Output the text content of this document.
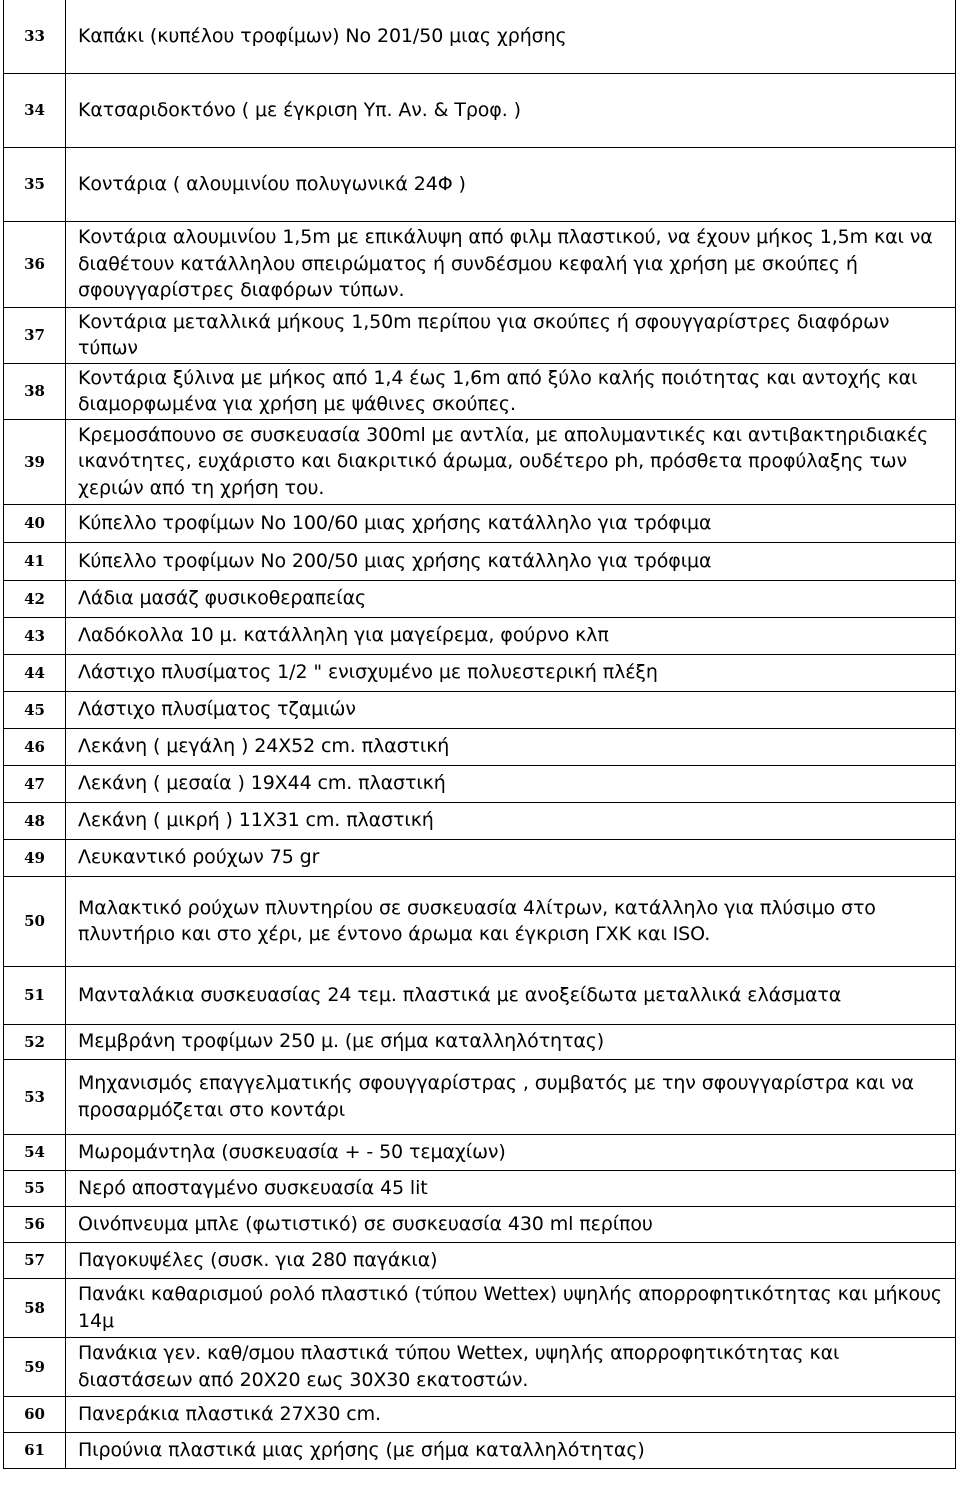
33	Καπάκι (κυπέλου τροφίμων) Νο 201/50 μιας χρήσης
34	Κατσαριδοκτόνο ( με έγκριση Υπ. Αν. & Τροφ. )
35	Κοντάρια ( αλουμινίου πολυγωνικά 24Φ )
36	Κοντάρια αλουμινίου 1,5m με επικάλυψη από φιλμ πλαστικού, να έχουν μήκος 1,5m και να διαθέτουν κατάλληλου σπειρώματος ή συνδέσμου κεφαλή για χρήση με σκούπες ή σφουγγαρίστρες διαφόρων τύπων.
37	Κοντάρια μεταλλικά μήκους 1,50m περίπου για σκούπες ή σφουγγαρίστρες διαφόρων τύπων
38	Κοντάρια ξύλινα με μήκος από 1,4 έως 1,6m από ξύλο καλής ποιότητας και αντοχής και διαμορφωμένα για χρήση με ψάθινες σκούπες.
39	Κρεμοσάπουνο σε συσκευασία 300ml με αντλία, με απολυμαντικές και αντιβακτηριδιακές ικανότητες, ευχάριστο και διακριτικό άρωμα, ουδέτερο ph, πρόσθετα προφύλαξης των χεριών από τη χρήση του.
40	Κύπελλο τροφίμων Νο 100/60 μιας χρήσης κατάλληλο για τρόφιμα
41	Κύπελλο τροφίμων Νο 200/50 μιας χρήσης κατάλληλο για τρόφιμα
42	Λάδια μασάζ φυσικοθεραπείας
43	Λαδόκολλα 10 μ. κατάλληλη για μαγείρεμα, φούρνο κλπ
44	Λάστιχο πλυσίματος 1/2 " ενισχυμένο με πολυεστερική πλέξη
45	Λάστιχο πλυσίματος τζαμιών
46	Λεκάνη ( μεγάλη ) 24Χ52 cm. πλαστική
47	Λεκάνη ( μεσαία ) 19Χ44 cm. πλαστική
48	Λεκάνη ( μικρή ) 11Χ31 cm. πλαστική
49	Λευκαντικό ρούχων 75 gr
50	Μαλακτικό ρούχων πλυντηρίου σε συσκευασία 4λίτρων, κατάλληλο για πλύσιμο στο πλυντήριο και στο χέρι, με έντονο άρωμα και έγκριση ΓΧΚ και ISO.
51	Μανταλάκια συσκευασίας 24 τεμ. πλαστικά με ανοξείδωτα μεταλλικά ελάσματα
52	Μεμβράνη τροφίμων 250 μ. (με σήμα καταλληλότητας)
53	Μηχανισμός επαγγελματικής σφουγγαρίστρας , συμβατός με την σφουγγαρίστρα και να προσαρμόζεται στο κοντάρι
54	Μωρομάντηλα (συσκευασία + - 50 τεμαχίων)
55	Νερό αποσταγμένο συσκευασία 45 lit
56	Οινόπνευμα μπλε (φωτιστικό) σε συσκευασία 430 ml περίπου
57	Παγοκυψέλες (συσκ. για 280 παγάκια)
58	Πανάκι καθαρισμού ρολό πλαστικό (τύπου Wettex) υψηλής απορροφητικότητας και μήκους 14μ
59	Πανάκια γεν. καθ/σμου πλαστικά τύπου Wettex, υψηλής απορροφητικότητας και διαστάσεων από 20Χ20 εως 30Χ30 εκατοστών.
60	Πανεράκια πλαστικά 27Χ30 cm.
61	Πιρούνια πλαστικά μιας χρήσης (με σήμα καταλληλότητας)
